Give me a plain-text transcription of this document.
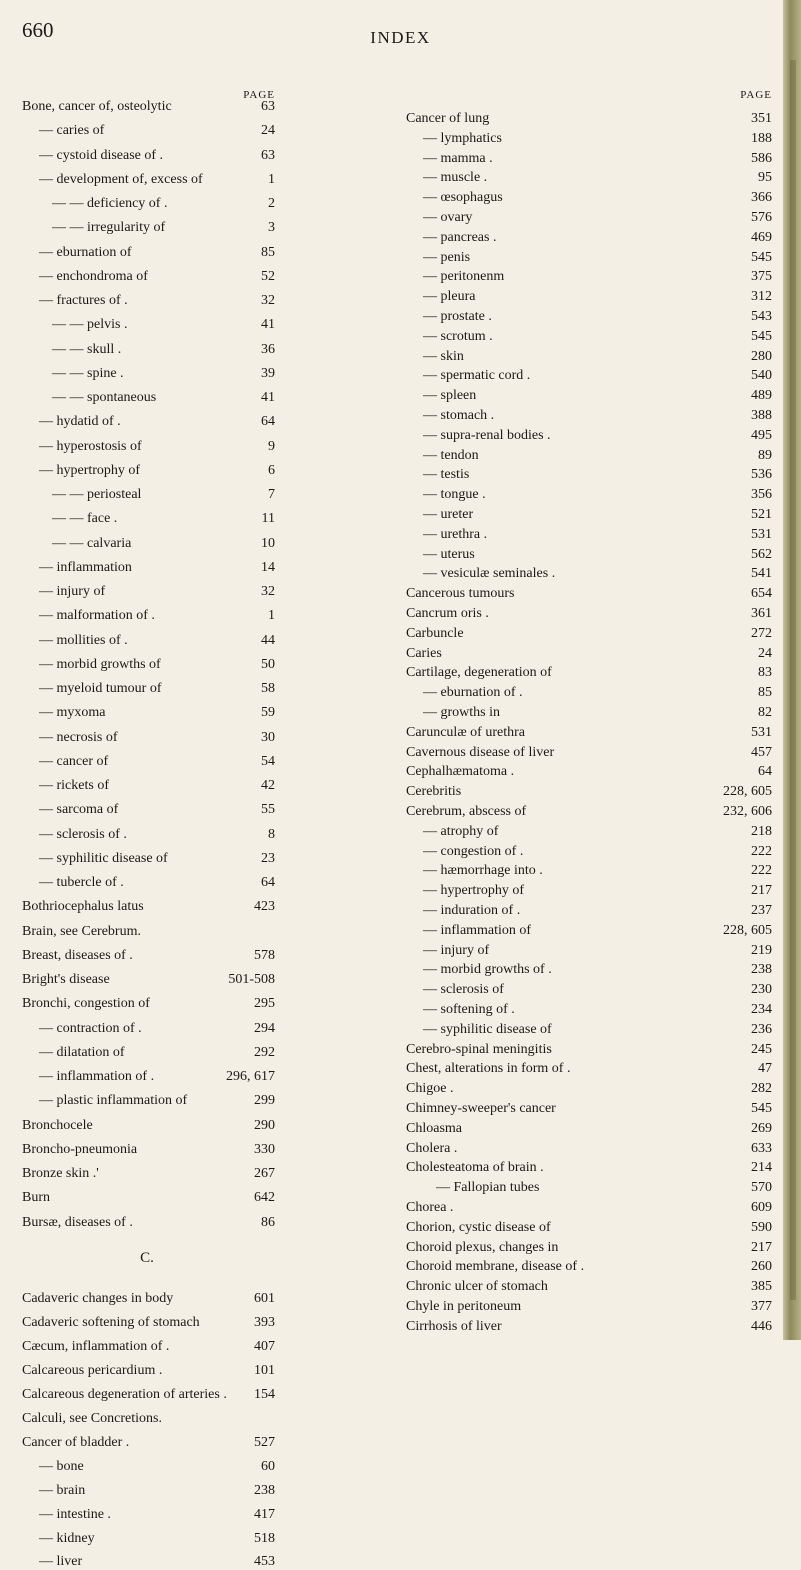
660	INDEX
PAGE
Bone, cancer of, osteolytic	63
— caries of	24
— cystoid disease of .	63
— development of, excess of	1
— — deficiency of .	2
— — irregularity of	3
— eburnation of	85
— enchondroma of	52
— fractures of .	32
— — pelvis .	41
— — skull .	36
— — spine .	39
— — spontaneous	41
— hydatid of .	64
— hyperostosis of	9
— hypertrophy of	6
— — periosteal	7
— — face .	11
— — calvaria	10
— inflammation	14
— injury of	32
— malformation of .	1
— mollities of .	44
— morbid growths of	50
— myeloid tumour of	58
— myxoma	59
— necrosis of	30
— cancer of	54
— rickets of	42
— sarcoma of	55
— sclerosis of .	8
— syphilitic disease of	23
— tubercle of .	64
Bothriocephalus latus	423
Brain, see Cerebrum.
Breast, diseases of .	578
Bright's disease	501-508
Bronchi, congestion of	295
— contraction of .	294
— dilatation of	292
— inflammation of .	296, 617
— plastic inflammation of	299
Bronchocele	290
Broncho-pneumonia	330
Bronze skin .'	267
Burn	642
Bursæ, diseases of .	86
C.
Cadaveric changes in body	601
Cadaveric softening of stomach	393
Cæcum, inflammation of .	407
Calcareous pericardium .	101
Calcareous degeneration of arteries . 154
Calculi, see Concretions.
Cancer of bladder .	527
— bone	60
— brain	238
— intestine .	417
— kidney	518
— liver	453
PAGE
Cancer of lung	351
— lymphatics	188
— mamma .	586
— muscle .	95
— œsophagus	366
— ovary	576
— pancreas .	469
— penis	545
— peritonenm	375
— pleura	312
— prostate .	543
— scrotum .	545
— skin	280
— spermatic cord .	540
— spleen	489
— stomach .	388
— supra-renal bodies .	495
— tendon	89
— testis	536
— tongue .	356
— ureter	521
— urethra .	531
— uterus	562
— vesiculæ seminales .	541
Cancerous tumours	654
Cancrum oris .	361
Carbuncle	272
Caries	24
Cartilage, degeneration of	83
— eburnation of .	85
— growths in	82
Carunculæ of urethra	531
Cavernous disease of liver	457
Cephalhæmatoma .	64
Cerebritis	228, 605
Cerebrum, abscess of	232, 606
— atrophy of	218
— congestion of .	222
— hæmorrhage into .	222
— hypertrophy of	217
— induration of .	237
— inflammation of	228, 605
— injury of	219
— morbid growths of .	238
— sclerosis of	230
— softening of .	234
— syphilitic disease of	236
Cerebro-spinal meningitis	245
Chest, alterations in form of .	47
Chigoe .	282
Chimney-sweeper's cancer	545
Chloasma	269
Cholera .	633
Cholesteatoma of brain .	214
— Fallopian tubes	570
Chorea .	609
Chorion, cystic disease of	590
Choroid plexus, changes in	217
Choroid membrane, disease of .	260
Chronic ulcer of stomach	385
Chyle in peritoneum	377
Cirrhosis of liver	446
